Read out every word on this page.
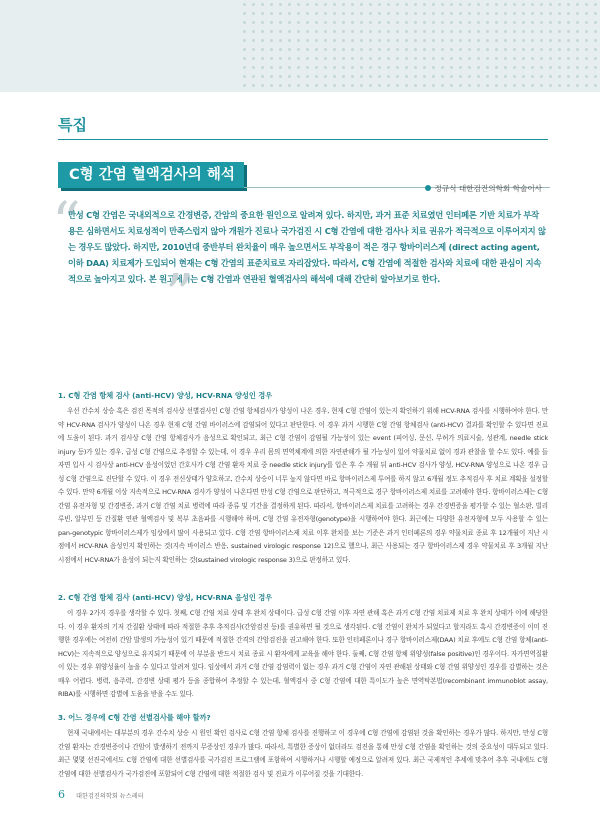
특집
C형 간염 혈액검사의 해석
정규식 대한검진의학회 학술이사
“
만성 C형 간염은 국내외적으로 간경변증, 간암의 중요한 원인으로 알려져 있다. 하지만, 과거 표준 치료였던 인터페론 기반 치료가 부작용은 심하면서도 치료성적이 만족스럽지 않아 개원가 진료나 국가검진 시 C형 간염에 대한 검사나 치료 권유가 적극적으로 이루어지지 않는 경우도 많았다. 하지만, 2010년대 중반부터 완치율이 매우 높으면서도 부작용이 적은 경구 항바이러스제 (direct acting agent, 이하 DAA) 치료제가 도입되어 현재는 C형 간염의 표준치료로 자리잡았다. 따라서, C형 간염에 적절한 검사와 치료에 대한 관심이 지속적으로 높아지고 있다. 본 원고에서는 C형 간염과 연관된 혈액검사의 해석에 대해 간단히 알아보기로 한다.
”
1. C형 간염 항체 검사 (anti-HCV) 양성, HCV-RNA 양성인 경우

우선 간수치 상승 혹은 검진 목적의 검사상 선별검사인 C형 간염 항체검사가 양성이 나온 경우, 현재 C형 간염이 있는지 확인하기 위해 HCV-RNA 검사를 시행하여야 한다. 만약 HCV-RNA 검사가 양성이 나온 경우 현재 C형 간염 바이러스에 감염되어 있다고 판단한다. 이 경우 과거 시행한 C형 간염 항체검사 (anti-HCV) 결과를 확인할 수 있다면 진료에 도움이 된다. 과거 검사상 C형 간염 항체검사가 음성으로 확인되고, 최근 C형 간염이 감염될 가능성이 있는 event (피어싱, 문신, 무허가 의료시술, 성관계, needle stick injury 등)가 있는 경우, 급성 C형 간염으로 추정할 수 있는데, 이 경우 우리 몸의 면역체계에 의한 자연관해가 될 가능성이 있어 약물치료 없이 경과 관찰을 할 수도 있다. 예를 들자면 입사 시 검사상 anti-HCV 음성이었던 간호사가 C형 간염 환자 치료 중 needle stick injury를 입은 후 수 개월 뒤 anti-HCV 검사가 양성, HCV-RNA 양성으로 나온 경우 급성 C형 간염으로 진단할 수 있다. 이 경우 전신상태가 양호하고, 간수치 상승이 너무 높지 않다면 바로 항바이러스제 투여를 하지 않고 6개월 정도 추적검사 후 치료 계획을 설정할 수 있다. 만약 6개월 이상 지속적으로 HCV-RNA 검사가 양성이 나온다면 만성 C형 간염으로 판단하고, 적극적으로 경구 항바이러스제 치료를 고려해야 한다. 항바이러스제는 C형 간염 유전자형 및 간경변증, 과거 C형 간염 치료 병력에 따라 종류 및 기간을 결정하게 된다. 따라서, 항바이러스제 치료를 고려하는 경우 간경변증을 평가할 수 있는 혈소판, 빌리루빈, 알부민 등 간질환 연관 혈액검사 및 복부 초음파를 시행해야 하며, C형 간염 유전자형(genotype)을 시행하여야 한다. 최근에는 다양한 유전자형에 모두 사용할 수 있는 pan-genotypic 항바이러스제가 임상에서 많이 사용되고 있다. C형 간염 항바이러스제 치료 이후 완치를 보는 기준은 과거 인터페론의 경우 약물치료 종료 후 12개월이 지난 시점에서 HCV-RNA 음성인지 확인하는 것(지속 바이러스 반응, sustained virologic response 12)으로 했으나, 최근 사용되는 경구 항바이러스제 경우 약물치료 후 3개월 지난 시점에서 HCV-RNA가 음성이 되는지 확인하는 것(sustained virologic response 3)으로 판정하고 있다.

2. C형 간염 항체 검사 (anti-HCV) 양성, HCV-RNA 음성인 경우

이 경우 2가지 경우를 생각할 수 있다. 첫째, C형 간염 치료 상태 후 완치 상태이다. 급성 C형 간염 이후 자연 관해 혹은 과거 C형 간염 치료제 치료 후 완치 상태가 이에 해당한다. 이 경우 환자의 기저 간질환 상태에 따라 적절한 추후 추적검사(간암검진 등)를 권유하면 될 것으로 생각된다. C형 간염이 완치가 되었다고 할지라도 혹시 간경변증이 이미 진행한 경우에는 여전히 간암 발생의 가능성이 있기 때문에 적절한 간격의 간암검진을 권고해야 한다. 또한 인터페론이나 경구 항바이러스제(DAA) 치료 후에도 C형 간염 항체(anti-HCV)는 지속적으로 양성으로 유지되기 때문에 이 부분을 반드시 치료 종료 시 환자에게 교육을 해야 한다. 둘째, C형 간염 항체 위양성(false positive)인 경우이다. 자가면역질환이 있는 경우 위양성율이 높을 수 있다고 알려져 있다. 임상에서 과거 C형 간염 감염력이 없는 경우 과거 C형 간염이 자연 관해된 상태와 C형 간염 위양성인 경우를 감별하는 것은 매우 어렵다. 병력, 음주력, 간경변 상태 평가 등을 종합하여 추정할 수 있는데, 혈액검사 중 C형 간염에 대한 특이도가 높은 면역탁본법(recombinant immunoblot assay, RIBA)를 시행하면 감별에 도움을 받을 수도 있다.

3. 어느 경우에 C형 간염 선별검사를 해야 할까?

현재 국내에서는 대부분의 경우 간수치 상승 시 원인 확인 검사로 C형 간염 항체 검사를 진행하고 이 경우에 C형 간염에 감염된 것을 확인하는 경우가 많다. 하지만, 만성 C형 간염 환자는 간경변증이나 간암이 발생하기 전까지 무증상인 경우가 많다. 따라서, 특별한 증상이 없더라도 검진을 통해 만성 C형 간염을 확인하는 것의 중요성이 대두되고 있다. 최근 몇몇 선진국에서도 C형 간염에 대한 선별검사를 국가검진 프로그램에 포함하여 시행하거나 시행할 예정으로 알려져 있다. 최근 국제적인 추세에 맞추어 추후 국내에도 C형 간염에 대한 선별검사가 국가검진에 포함되어 C형 간염에 대한 적절한 검사 및 진료가 이루어질 것을 기대한다.

6 대한검진의학회 뉴스레터
